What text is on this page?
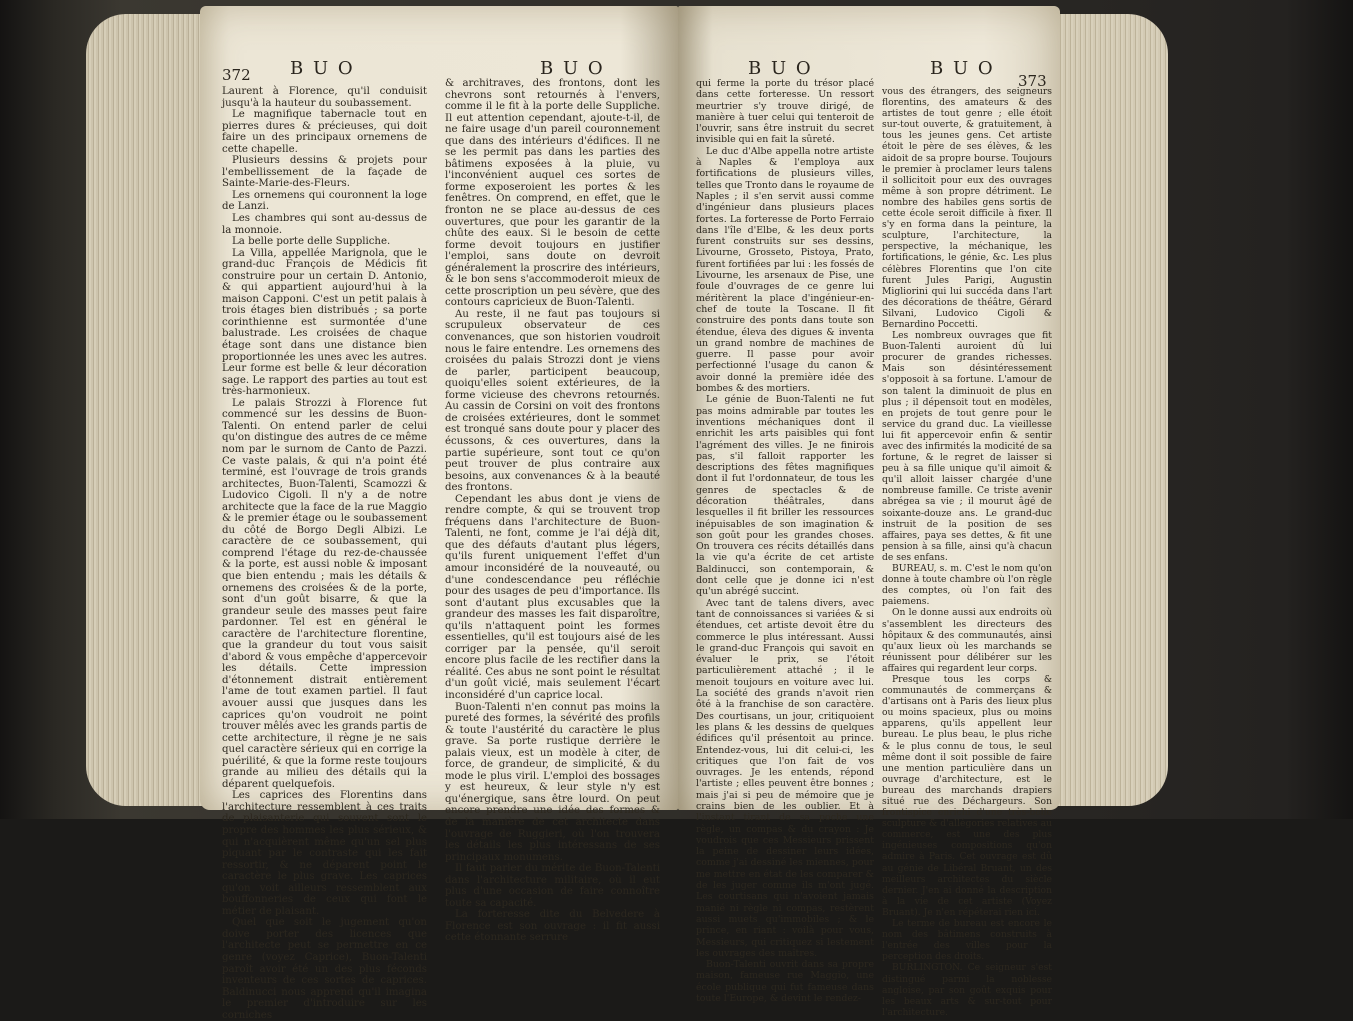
372 B U O	B U O

Laurent à Florence, qu'il conduisit jusqu'à la hauteur du soubassement.

Le magnifique tabernacle tout en pierres dures & précieuses, qui doit faire un des principaux ornemens de cette chapelle.

Plusieurs dessins & projets pour l'embellissement de la façade de Sainte-Marie-des-Fleurs.

Les ornemens qui couronnent la loge de Lanzi.

Les chambres qui sont au-dessus de la monnoie.

La belle porte delle Suppliche.

La Villa, appellée Marignola, que le grand-duc François de Médicis fit construire pour un certain D. Antonio, & qui appartient aujourd'hui à la maison Capponi. C'est un petit palais à trois étages bien distribués ; sa porte corinthienne est surmontée d'une balustrade. Les croisées de chaque étage sont dans une distance bien proportionnée les unes avec les autres. Leur forme est belle & leur décoration sage. Le rapport des parties au tout est très-harmonieux.

Le palais Strozzi à Florence fut commencé sur les dessins de Buon-Talenti. On entend parler de celui qu'on distingue des autres de ce même nom par le surnom de Canto de Pazzi. Ce vaste palais, & qui n'a point été terminé, est l'ouvrage de trois grands architectes, Buon-Talenti, Scamozzi & Ludovico Cigoli. Il n'y a de notre architecte que la face de la rue Maggio & le premier étage ou le soubassement du côté de Borgo Degli Albizi. Le caractère de ce soubassement, qui comprend l'étage du rez-de-chaussée & la porte, est aussi noble & imposant que bien entendu ; mais les détails & ornemens des croisées & de la porte, sont d'un goût bisarre, & que la grandeur seule des masses peut faire pardonner. Tel est en général le caractère de l'architecture florentine, que la grandeur du tout vous saisit d'abord & vous empêche d'appercevoir les détails. Cette impression d'étonnement distrait entièrement l'ame de tout examen partiel. Il faut avouer aussi que jusques dans les caprices qu'on voudroit ne point trouver mêlés avec les grands partis de cette architecture, il règne je ne sais quel caractère sérieux qui en corrige la puérilité, & que la forme reste toujours grande au milieu des détails qui la déparent quelquefois.

Les caprices des Florentins dans l'architecture ressemblent à ces traits de plaisanterie qui souvent sont le propre des hommes les plus sérieux, & qui n'acquièrent même qu'un sel plus piquant par le contraste qui les fait ressortir, & ne déparent point le caractère le plus grave. Les caprices qu'on voit ailleurs ressemblent aux bouffonneries de ceux qui font le métier de plaisant.

Quel que soit le jugement qu'on doive porter des licences que l'architecte peut se permettre en ce genre (voyez Caprice), Buon-Talenti paroît avoir été un des plus féconds inventeurs de ces sortes de caprices. Baldinucci nous apprend qu'il imagina le premier d'introduire sur les corniches

& architraves, des frontons, dont les chevrons sont retournés à l'envers, comme il le fit à la porte delle Suppliche. Il eut attention cependant, ajoute-t-il, de ne faire usage d'un pareil couronnement que dans des intérieurs d'édifices. Il ne se les permit pas dans les parties des bâtimens exposées à la pluie, vu l'inconvénient auquel ces sortes de forme exposeroient les portes & les fenêtres. On comprend, en effet, que le fronton ne se place au-dessus de ces ouvertures, que pour les garantir de la chûte des eaux. Si le besoin de cette forme devoit toujours en justifier l'emploi, sans doute on devroit généralement la proscrire des intérieurs, & le bon sens s'accommoderoit mieux de cette proscription un peu sévère, que des contours capricieux de Buon-Talenti.

Au reste, il ne faut pas toujours si scrupuleux observateur de ces convenances, que son historien voudroit nous le faire entendre. Les ornemens des croisées du palais Strozzi dont je viens de parler, participent beaucoup, quoiqu'elles soient extérieures, de la forme vicieuse des chevrons retournés. Au cassin de Corsini on voit des frontons de croisées extérieures, dont le sommet est tronqué sans doute pour y placer des écussons, & ces ouvertures, dans la partie supérieure, sont tout ce qu'on peut trouver de plus contraire aux besoins, aux convenances & à la beauté des frontons.

Cependant les abus dont je viens de rendre compte, & qui se trouvent trop fréquens dans l'architecture de Buon-Talenti, ne font, comme je l'ai déjà dit, que des défauts d'autant plus légers, qu'ils furent uniquement l'effet d'un amour inconsidéré de la nouveauté, ou d'une condescendance peu réfléchie pour des usages de peu d'importance. Ils sont d'autant plus excusables que la grandeur des masses les fait disparoître, qu'ils n'attaquent point les formes essentielles, qu'il est toujours aisé de les corriger par la pensée, qu'il seroit encore plus facile de les rectifier dans la réalité. Ces abus ne sont point le résultat d'un goût vicié, mais seulement l'écart inconsidéré d'un caprice local.

Buon-Talenti n'en connut pas moins la pureté des formes, la sévérité des profils & toute l'austérité du caractère le plus grave. Sa porte rustique derrière le palais vieux, est un modèle à citer, de force, de grandeur, de simplicité, & du mode le plus viril. L'emploi des bossages y est heureux, & leur style n'y est qu'énergique, sans être lourd. On peut encore prendre une idée des formes & de la manière de cet architecte dans l'ouvrage de Ruggieri, où l'on trouvera les détails les plus intéressans de ses principaux monumens.

Il faut parler du mérite de Buon-Talenti dans l'architecture militaire, où il eut plus d'une occasion de faire connoître toute sa capacité.

La forteresse dite du Belvedere à Florence est son ouvrage : il fit aussi cette étonnante serrure

B U O	B U O
373

qui ferme la porte du trésor placé dans cette forteresse. Un ressort meurtrier s'y trouve dirigé, de manière à tuer celui qui tenteroit de l'ouvrir, sans être instruit du secret invisible qui en fait la sûreté.

Le duc d'Albe appella notre artiste à Naples & l'employa aux fortifications de plusieurs villes, telles que Tronto dans le royaume de Naples ; il s'en servit aussi comme d'ingénieur dans plusieurs places fortes. La forteresse de Porto Ferraio dans l'île d'Elbe, & les deux ports furent construits sur ses dessins, Livourne, Grosseto, Pistoya, Prato, furent fortifiées par lui : les fossés de Livourne, les arsenaux de Pise, une foule d'ouvrages de ce genre lui méritèrent la place d'ingénieur-en-chef de toute la Toscane. Il fit construire des ponts dans toute son étendue, éleva des digues & inventa un grand nombre de machines de guerre. Il passe pour avoir perfectionné l'usage du canon & avoir donné la première idée des bombes & des mortiers.

Le génie de Buon-Talenti ne fut pas moins admirable par toutes les inventions méchaniques dont il enrichit les arts paisibles qui font l'agrément des villes. Je ne finirois pas, s'il falloit rapporter les descriptions des fêtes magnifiques dont il fut l'ordonnateur, de tous les genres de spectacles & de décoration théâtrales, dans lesquelles il fit briller les ressources inépuisables de son imagination & son goût pour les grandes choses. On trouvera ces récits détaillés dans la vie qu'a écrite de cet artiste Baldinucci, son contemporain, & dont celle que je donne ici n'est qu'un abrégé succint.

Avec tant de talens divers, avec tant de connoissances si variées & si étendues, cet artiste devoit être du commerce le plus intéressant. Aussi le grand-duc François qui savoit en évaluer le prix, se l'étoit particulièrement attaché ; il le menoit toujours en voiture avec lui. La société des grands n'avoit rien ôté à la franchise de son caractère. Des courtisans, un jour, critiquoient les plans & les dessins de quelques édifices qu'il présentoit au prince. Entendez-vous, lui dit celui-ci, les critiques que l'on fait de vos ouvrages. Je les entends, répond l'artiste ; elles peuvent être bonnes ; mais j'ai si peu de mémoire que je crains bien de les oublier. Et à l'instant tirant de sa poche une règle, un compas & du crayon : Je voudrois que ces Messieurs prissent la peine de dessiner leurs idées, comme j'ai dessiné les miennes, pour me mettre en état de les comparer & de les juger comme ils m'ont jugé. Les courtisans qui n'avoient jamais manié ni règle ni compas, restèrent aussi muets qu'immobiles ; & le prince, en riant : voilà pour vous, Messieurs, qui critiquez si lestement les ouvrages des maîtres.

Buon-Talenti ouvrit dans sa propre maison, fameuse rue Maggio, une école publique qui fut fameuse dans toute l'Europe, & devint le rendez-

vous des étrangers, des seigneurs florentins, des amateurs & des artistes de tout genre ; elle étoit sur-tout ouverte, & gratuitement, à tous les jeunes gens. Cet artiste étoit le père de ses élèves, & les aidoit de sa propre bourse. Toujours le premier à proclamer leurs talens il sollicitoit pour eux des ouvrages même à son propre détriment. Le nombre des habiles gens sortis de cette école seroit difficile à fixer. Il s'y en forma dans la peinture, la sculpture, l'architecture, la perspective, la méchanique, les fortifications, le génie, &c. Les plus célèbres Florentins que l'on cite furent Jules Parigi, Augustin Migliorini qui lui succéda dans l'art des décorations de théâtre, Gérard Silvani, Ludovico Cigoli & Bernardino Poccetti.

Les nombreux ouvrages que fit Buon-Talenti auroient dû lui procurer de grandes richesses. Mais son désintéressement s'opposoit à sa fortune. L'amour de son talent la diminuoit de plus en plus ; il dépensoit tout en modèles, en projets de tout genre pour le service du grand duc. La vieillesse lui fit appercevoir enfin & sentir avec des infirmités la modicité de sa fortune, & le regret de laisser si peu à sa fille unique qu'il aimoit & qu'il alloit laisser chargée d'une nombreuse famille. Ce triste avenir abrégea sa vie ; il mourut âgé de soixante-douze ans. Le grand-duc instruit de la position de ses affaires, paya ses dettes, & fit une pension à sa fille, ainsi qu'à chacun de ses enfans.

BUREAU, s. m. C'est le nom qu'on donne à toute chambre où l'on règle des comptes, où l'on fait des paiemens.

On le donne aussi aux endroits où s'assemblent les directeurs des hôpitaux & des communautés, ainsi qu'aux lieux où les marchands se réunissent pour délibérer sur les affaires qui regardent leur corps.

Presque tous les corps & communautés de commerçans & d'artisans ont à Paris des lieux plus ou moins spacieux, plus ou moins apparens, qu'ils appellent leur bureau. Le plus beau, le plus riche & le plus connu de tous, le seul même dont il soit possible de faire une mention particulière dans un ouvrage d'architecture, est le bureau des marchands drapiers situé rue des Déchargeurs. Son frontispice enrichi d'une très-belle sculpture & d'allégories relatives au commerce, est une des plus ingénieuses compositions qu'on admire à Paris. Cet ouvrage est dû au génie de Libéral Bruant, un des meilleurs architectes du siècle dernier. J'en ai donné la description à la vie de cet artiste (Voyez Bruant). Je n'en répéterai rien ici.

Le terme de bureau est encore le nom des bâtimens construits à l'entrée des villes pour la perception des droits.

BURLINGTON. Ce seigneur s'est distingué parmi la noblesse angloise, par son goût exquis pour les beaux arts & sur-tout pour l'architecture.
